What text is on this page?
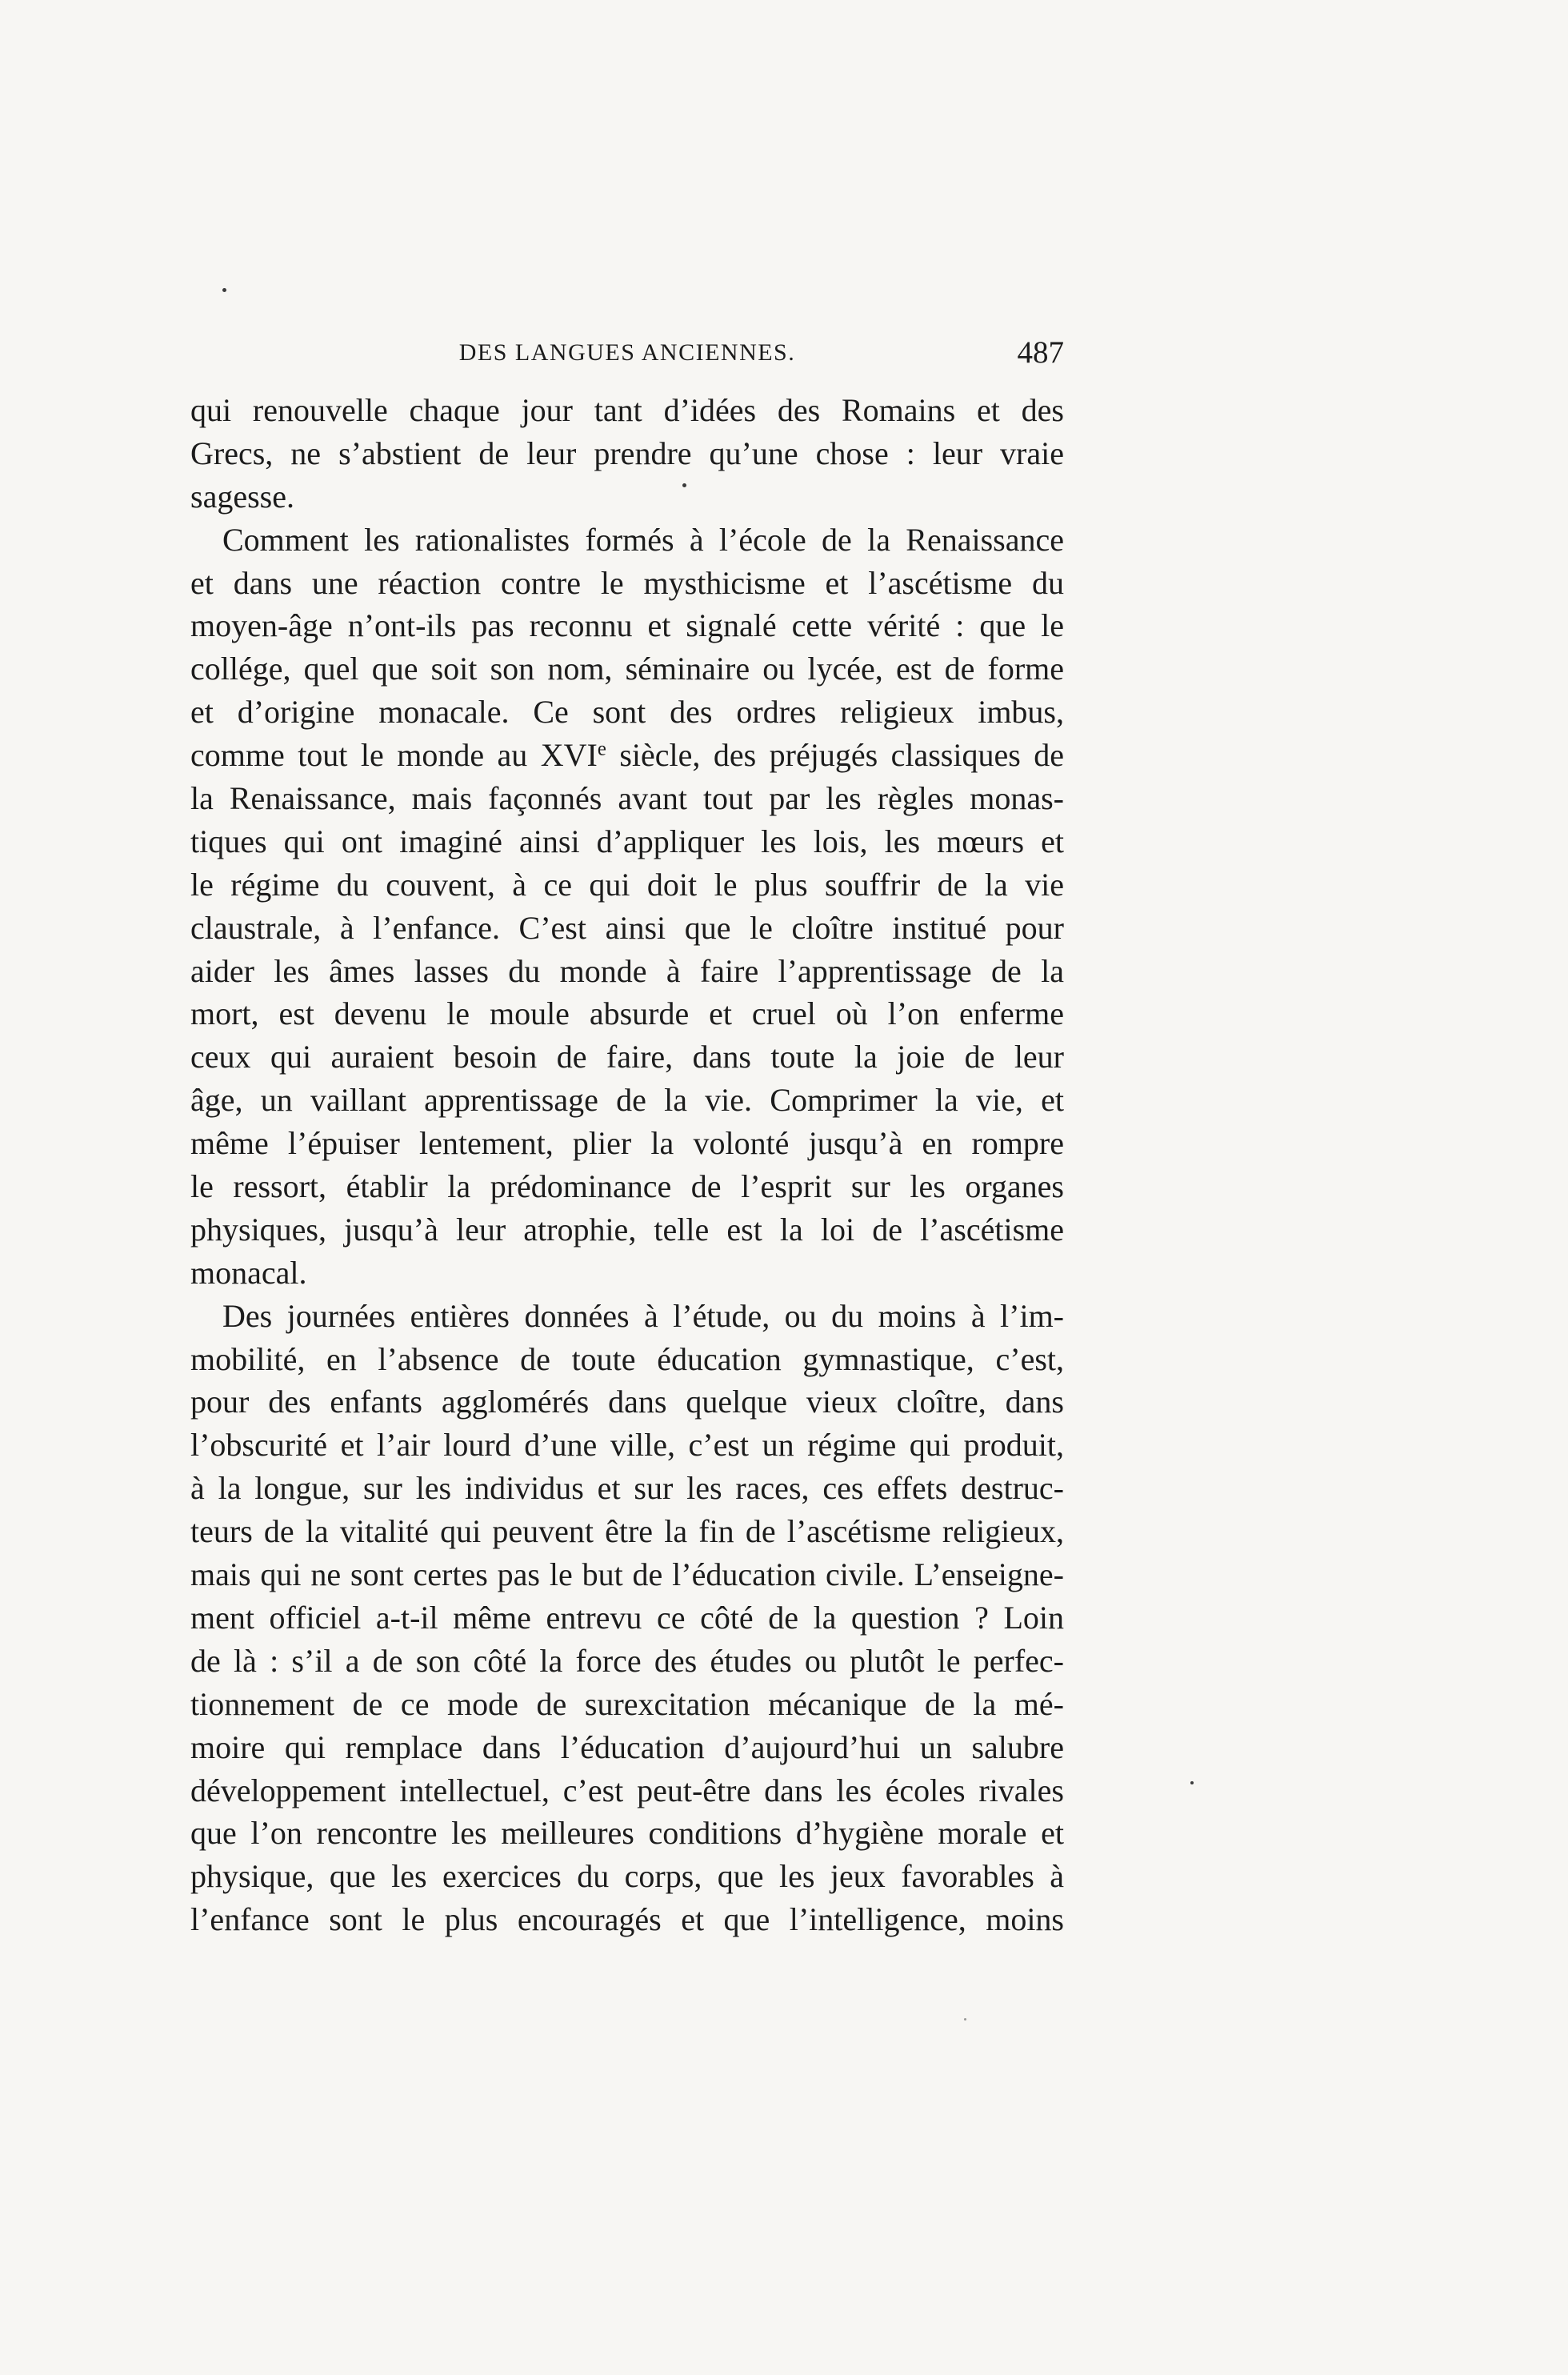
DES LANGUES ANCIENNES.	487
qui renouvelle chaque jour tant d’idées des Romains et des
Grecs, ne s’abstient de leur prendre qu’une chose : leur vraie
sagesse.
Comment les rationalistes formés à l’école de la Renaissance
et dans une réaction contre le mysthicisme et l’ascétisme du
moyen-âge n’ont-ils pas reconnu et signalé cette vérité : que le
collége, quel que soit son nom, séminaire ou lycée, est de forme
et d’origine monacale. Ce sont des ordres religieux imbus,
comme tout le monde au XVIe siècle, des préjugés classiques de
la Renaissance, mais façonnés avant tout par les règles monas-
tiques qui ont imaginé ainsi d’appliquer les lois, les mœurs et
le régime du couvent, à ce qui doit le plus souffrir de la vie
claustrale, à l’enfance. C’est ainsi que le cloître institué pour
aider les âmes lasses du monde à faire l’apprentissage de la
mort, est devenu le moule absurde et cruel où l’on enferme
ceux qui auraient besoin de faire, dans toute la joie de leur
âge, un vaillant apprentissage de la vie. Comprimer la vie, et
même l’épuiser lentement, plier la volonté jusqu’à en rompre
le ressort, établir la prédominance de l’esprit sur les organes
physiques, jusqu’à leur atrophie, telle est la loi de l’ascétisme
monacal.
Des journées entières données à l’étude, ou du moins à l’im-
mobilité, en l’absence de toute éducation gymnastique, c’est,
pour des enfants agglomérés dans quelque vieux cloître, dans
l’obscurité et l’air lourd d’une ville, c’est un régime qui produit,
à la longue, sur les individus et sur les races, ces effets destruc-
teurs de la vitalité qui peuvent être la fin de l’ascétisme religieux,
mais qui ne sont certes pas le but de l’éducation civile. L’enseigne-
ment officiel a-t-il même entrevu ce côté de la question ? Loin
de là : s’il a de son côté la force des études ou plutôt le perfec-
tionnement de ce mode de surexcitation mécanique de la mé-
moire qui remplace dans l’éducation d’aujourd’hui un salubre
développement intellectuel, c’est peut-être dans les écoles rivales
que l’on rencontre les meilleures conditions d’hygiène morale et
physique, que les exercices du corps, que les jeux favorables à
l’enfance sont le plus encouragés et que l’intelligence, moins
